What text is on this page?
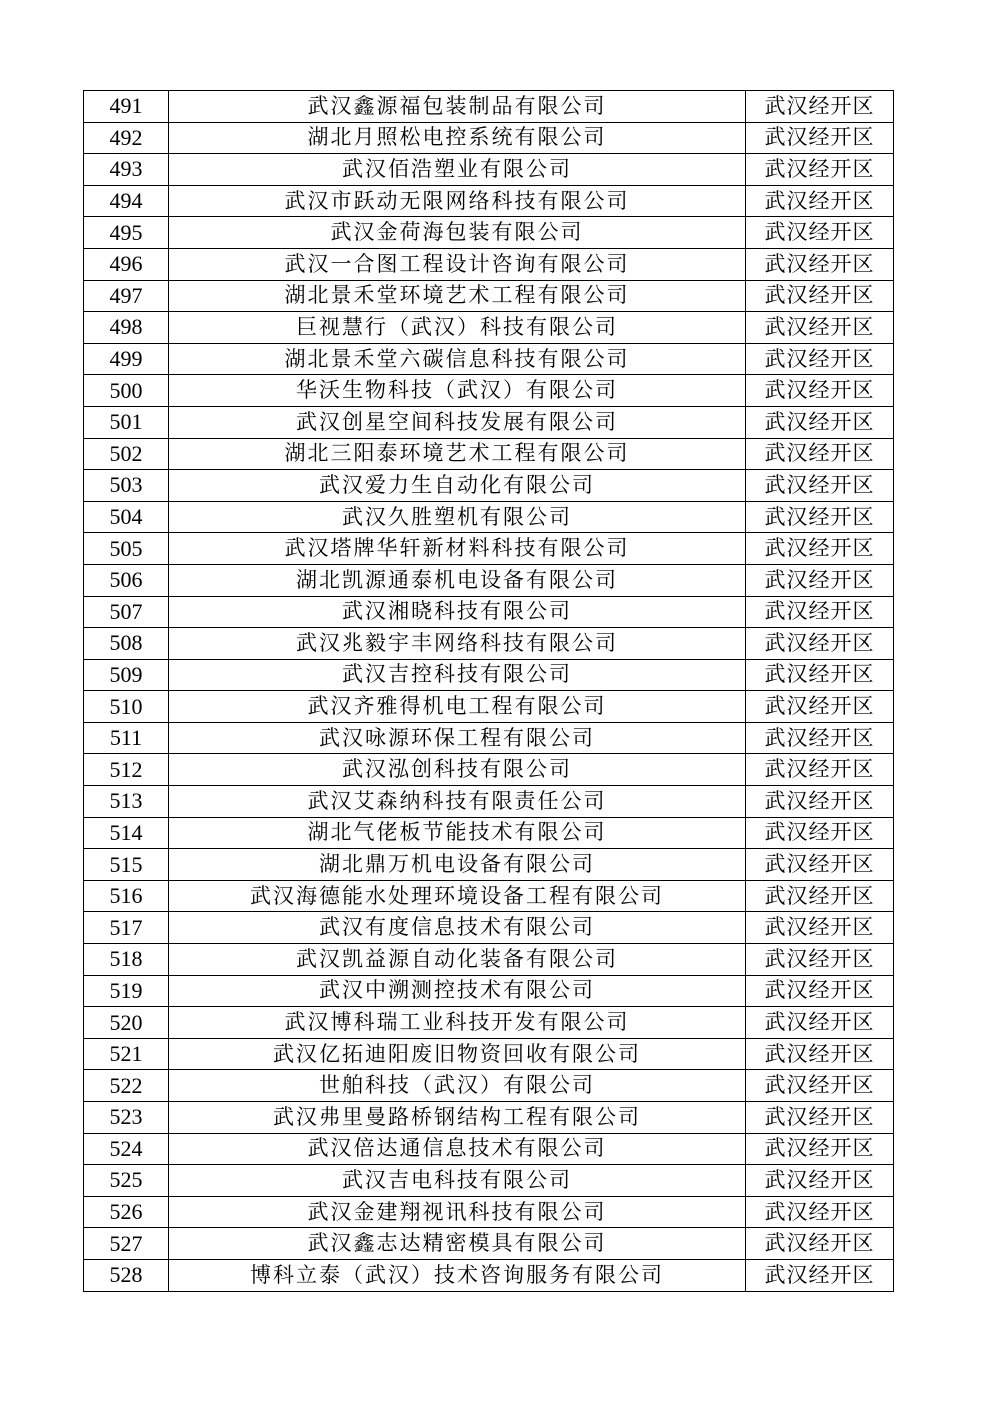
491	武汉鑫源福包装制品有限公司	武汉经开区
492	湖北月照松电控系统有限公司	武汉经开区
493	武汉佰浩塑业有限公司	武汉经开区
494	武汉市跃动无限网络科技有限公司	武汉经开区
495	武汉金荷海包装有限公司	武汉经开区
496	武汉一合图工程设计咨询有限公司	武汉经开区
497	湖北景禾堂环境艺术工程有限公司	武汉经开区
498	巨视慧行（武汉）科技有限公司	武汉经开区
499	湖北景禾堂六碳信息科技有限公司	武汉经开区
500	华沃生物科技（武汉）有限公司	武汉经开区
501	武汉创星空间科技发展有限公司	武汉经开区
502	湖北三阳泰环境艺术工程有限公司	武汉经开区
503	武汉爱力生自动化有限公司	武汉经开区
504	武汉久胜塑机有限公司	武汉经开区
505	武汉塔牌华轩新材料科技有限公司	武汉经开区
506	湖北凯源通泰机电设备有限公司	武汉经开区
507	武汉湘晓科技有限公司	武汉经开区
508	武汉兆毅宇丰网络科技有限公司	武汉经开区
509	武汉吉控科技有限公司	武汉经开区
510	武汉齐雅得机电工程有限公司	武汉经开区
511	武汉咏源环保工程有限公司	武汉经开区
512	武汉泓创科技有限公司	武汉经开区
513	武汉艾森纳科技有限责任公司	武汉经开区
514	湖北气佬板节能技术有限公司	武汉经开区
515	湖北鼎万机电设备有限公司	武汉经开区
516	武汉海德能水处理环境设备工程有限公司	武汉经开区
517	武汉有度信息技术有限公司	武汉经开区
518	武汉凯益源自动化装备有限公司	武汉经开区
519	武汉中溯测控技术有限公司	武汉经开区
520	武汉博科瑞工业科技开发有限公司	武汉经开区
521	武汉亿拓迪阳废旧物资回收有限公司	武汉经开区
522	世舶科技（武汉）有限公司	武汉经开区
523	武汉弗里曼路桥钢结构工程有限公司	武汉经开区
524	武汉倍达通信息技术有限公司	武汉经开区
525	武汉吉电科技有限公司	武汉经开区
526	武汉金建翔视讯科技有限公司	武汉经开区
527	武汉鑫志达精密模具有限公司	武汉经开区
528	博科立泰（武汉）技术咨询服务有限公司	武汉经开区
